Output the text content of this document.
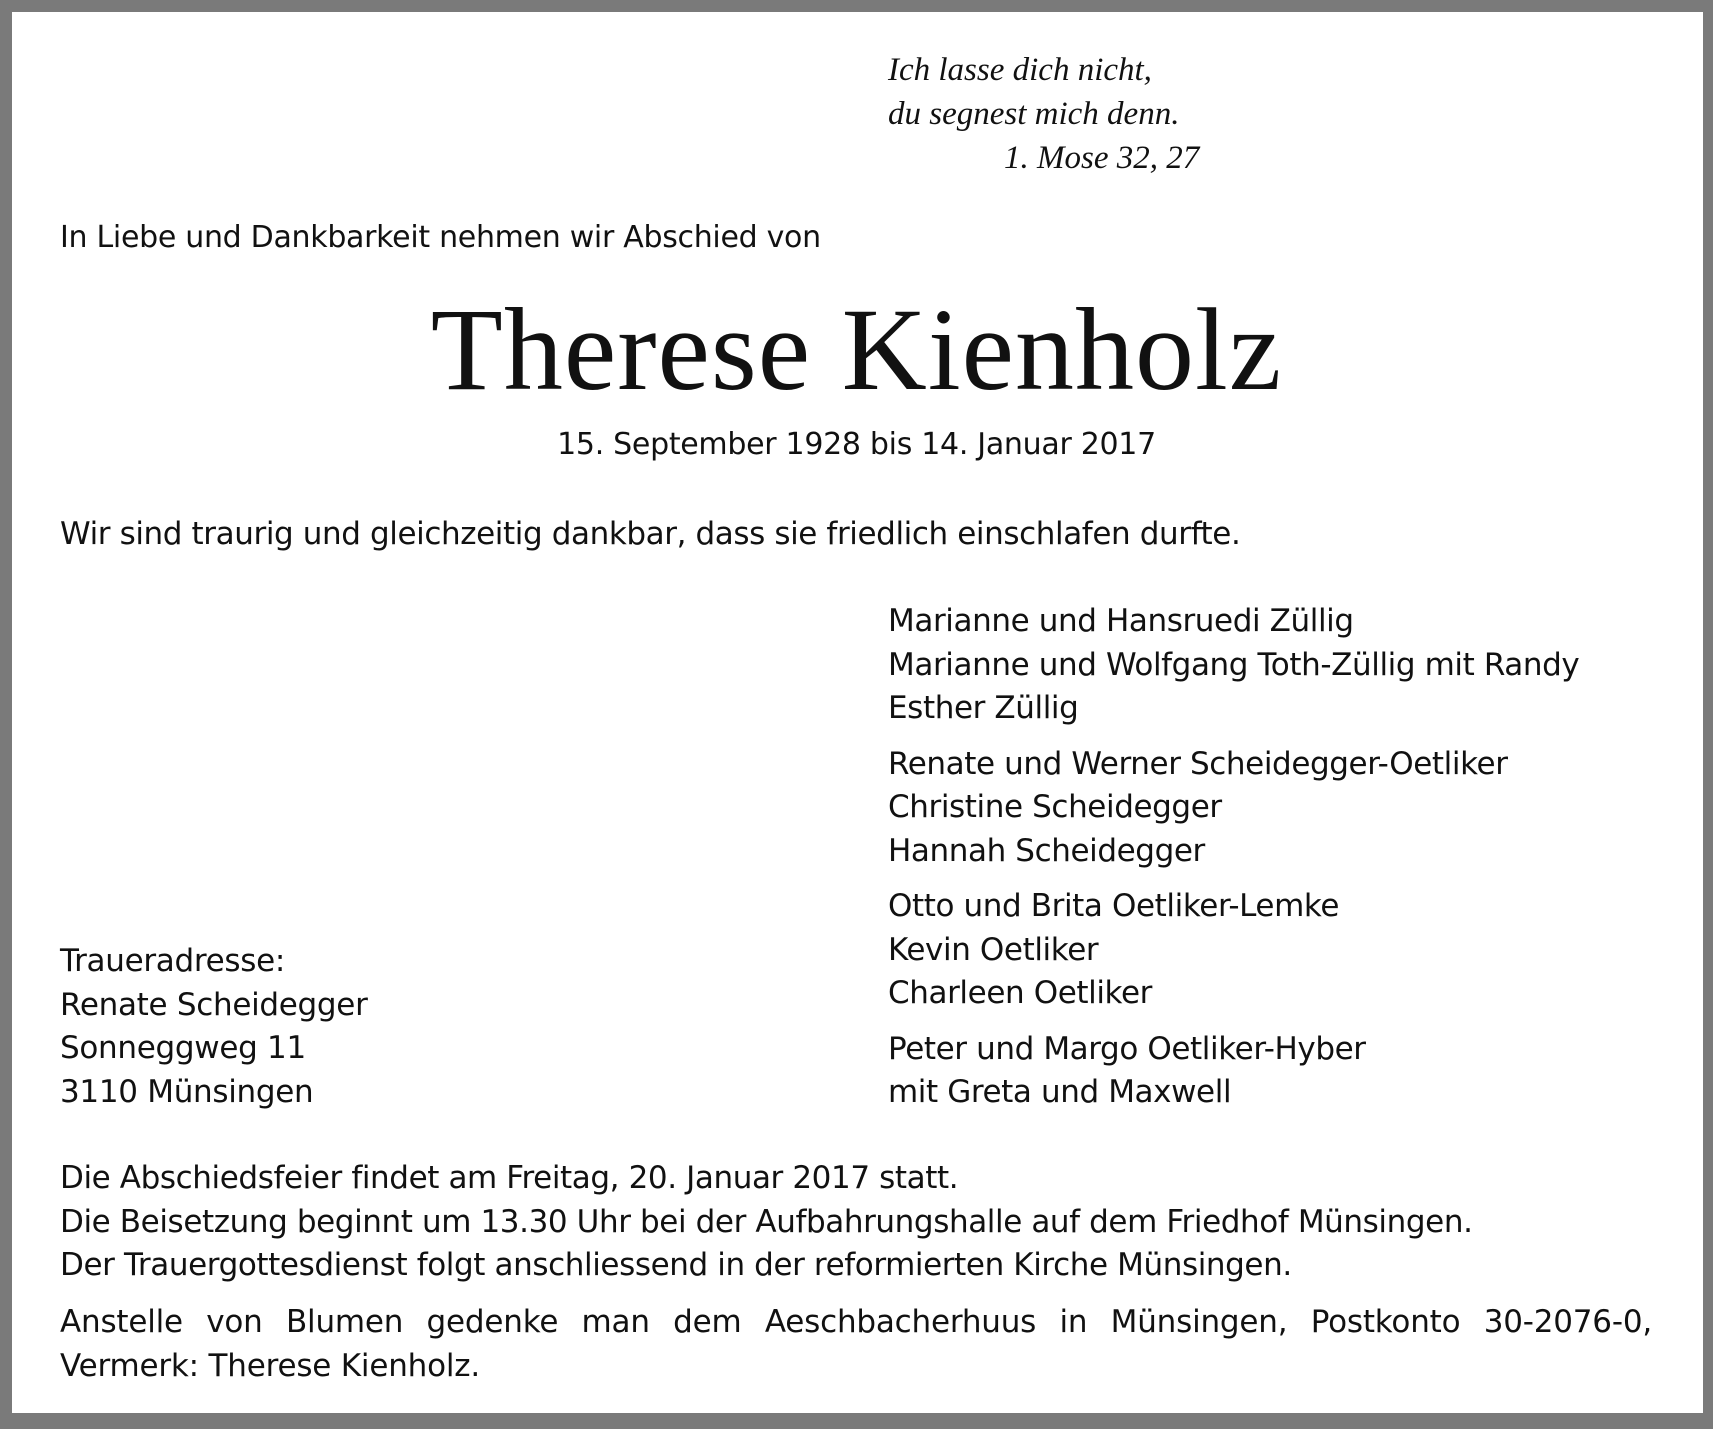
Ich lasse dich nicht,
du segnest mich denn.
1. Mose 32, 27

In Liebe und Dankbarkeit nehmen wir Abschied von

Therese Kienholz

15. September 1928 bis 14. Januar 2017

Wir sind traurig und gleichzeitig dankbar, dass sie friedlich einschlafen durfte.

Marianne und Hansruedi Züllig
Marianne und Wolfgang Toth-Züllig mit Randy
Esther Züllig
Renate und Werner Scheidegger-Oetliker
Christine Scheidegger
Hannah Scheidegger
Otto und Brita Oetliker-Lemke
Kevin Oetliker
Charleen Oetliker
Peter und Margo Oetliker-Hyber
mit Greta und Maxwell
Traueradresse:
Renate Scheidegger
Sonneggweg 11
3110 Münsingen
Die Abschiedsfeier findet am Freitag, 20. Januar 2017 statt.
Die Beisetzung beginnt um 13.30 Uhr bei der Aufbahrungshalle auf dem Friedhof Münsingen.
Der Trauergottesdienst folgt anschliessend in der reformierten Kirche Münsingen.

Anstelle von Blumen gedenke man dem Aeschbacherhuus in Münsingen, Postkonto 30-2076-0, Vermerk: Therese Kienholz.
